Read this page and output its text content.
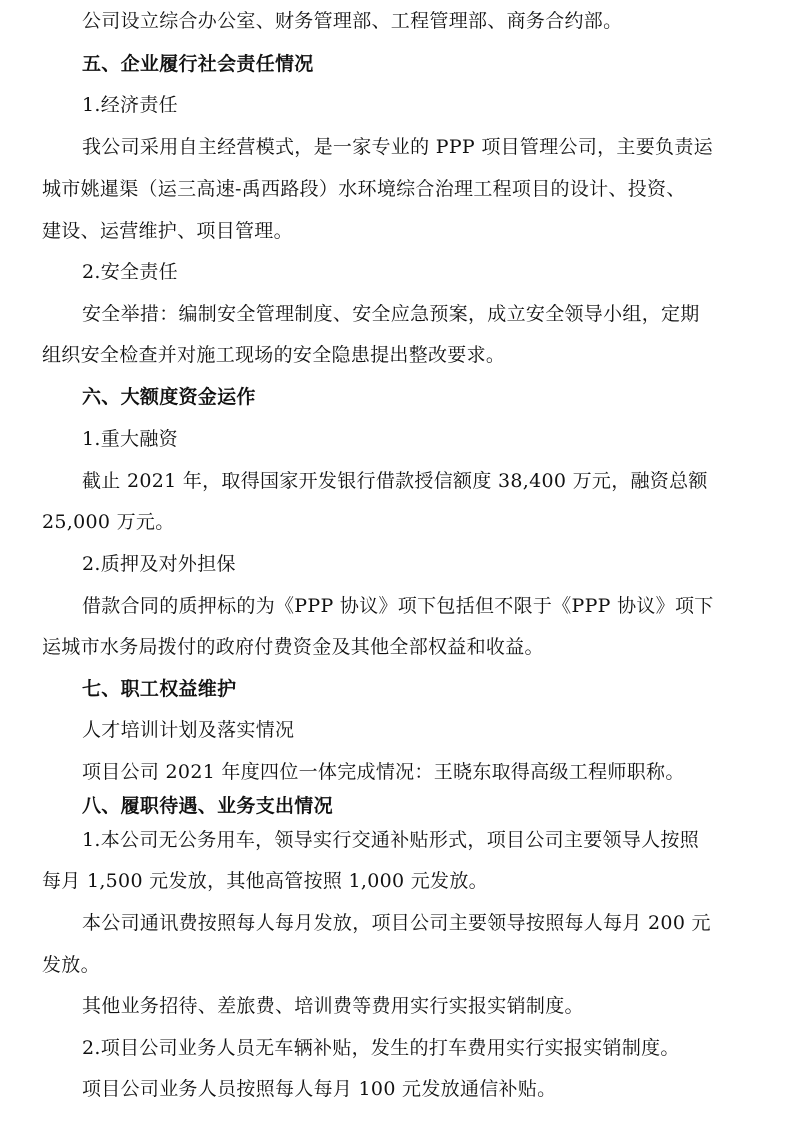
公司设立综合办公室、财务管理部、工程管理部、商务合约部。
五、企业履行社会责任情况
1.经济责任
我公司采用自主经营模式，是一家专业的 PPP 项目管理公司，主要负责运
城市姚暹渠（运三高速-禹西路段）水环境综合治理工程项目的设计、投资、
建设、运营维护、项目管理。
2.安全责任
安全举措：编制安全管理制度、安全应急预案，成立安全领导小组，定期
组织安全检查并对施工现场的安全隐患提出整改要求。
六、大额度资金运作
1.重大融资
截止 2021 年，取得国家开发银行借款授信额度 38,400 万元，融资总额
25,000 万元。
2.质押及对外担保
借款合同的质押标的为《PPP 协议》项下包括但不限于《PPP 协议》项下
运城市水务局拨付的政府付费资金及其他全部权益和收益。
七、职工权益维护
人才培训计划及落实情况
项目公司 2021 年度四位一体完成情况：王晓东取得高级工程师职称。
八、履职待遇、业务支出情况
1.本公司无公务用车，领导实行交通补贴形式，项目公司主要领导人按照
每月 1,500 元发放，其他高管按照 1,000 元发放。
本公司通讯费按照每人每月发放，项目公司主要领导按照每人每月 200 元
发放。
其他业务招待、差旅费、培训费等费用实行实报实销制度。
2.项目公司业务人员无车辆补贴，发生的打车费用实行实报实销制度。
项目公司业务人员按照每人每月 100 元发放通信补贴。
